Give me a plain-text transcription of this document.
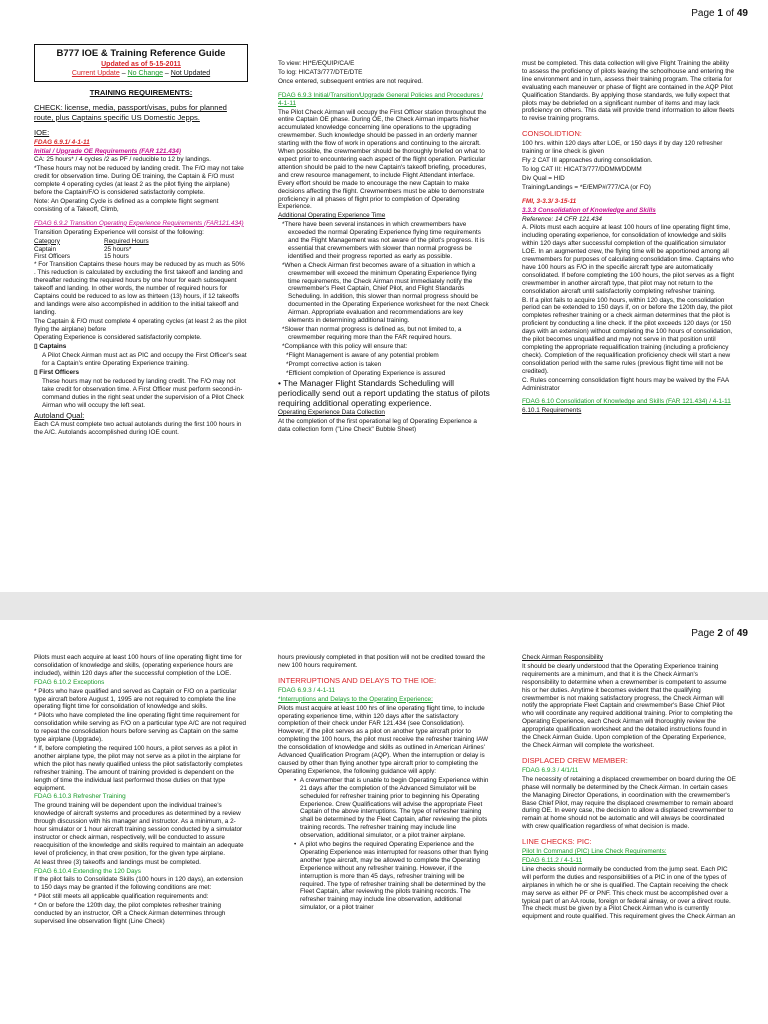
Page 1 of 49
B777 IOE & Training Reference Guide
Updated as of 5-15-2011
Current Update – No Change – Not Updated
TRAINING REQUIREMENTS:

CHECK: license, media, passport/visas, pubs for planned route, plus Captains specific US Domestic Jepps.

IOE:

FDAG 6.9.1/ 4-1-11

Initial / Upgrade OE Requirements (FAR 121.434)

CA: 25 hours* / 4 cycles /2 as PF / reducible to 12 by landings.

*These hours may not be reduced by landing credit. The F/O may not take credit for observation time. During OE training, the Captain & F/O must complete 4 operating cycles (at least 2 as the pilot flying the airplane) before the Captain/F/O is considered satisfactorily complete.

Note: An Operating Cycle is defined as a complete flight segment consisting of a Takeoff, Climb,

FDAG 6.9.2 Transition Operating Experience Requirements (FAR121.434)

Transition Operating Experience will consist of the following:

Category	Required Hours
Captain	25 hours*
First Officers	15 hours

* For Transition Captains these hours may be reduced by as much as 50% . This reduction is calculated by excluding the first takeoff and landing and thereafter reducing the required hours by one hour for each subsequent takeoff and landing. In other words, the number of required hours for Captains could be reduced to as low as thirteen (13) hours, if 12 takeoffs and landings were also accomplished in addition to the initial takeoff and landing.

The Captain & F/O must complete 4 operating cycles (at least 2 as the pilot flying the airplane) before

Operating Experience is considered satisfactorily complete.

▯ Captains

A Pilot Check Airman must act as PIC and occupy the First Officer's seat for a Captain's entire Operating Experience training.

▯ First Officers

These hours may not be reduced by landing credit. The F/O may not take credit for observation time. A First Officer must perform second-in-command duties in the right seat under the supervision of a Pilot Check Airman who will occupy the left seat.

Autoland Qual:

Each CA must complete two actual autolands during the first 100 hours in the A/C. Autolands accomplished during IOE count.

To view: HI*E/EQUIP/CA/E

To log: HICAT3/777/DTE/DTE

Once entered, subsequent entries are not required.

FDAG 6.9.3 Initial/Transition/Upgrade General Policies and Procedures / 4-1-11

The Pilot Check Airman will occupy the First Officer station throughout the entire Captain OE phase. During OE, the Check Airman imparts his/her accumulated knowledge concerning line operations to the upgrading crewmember. Such knowledge should be passed in an orderly manner starting with the flow of work in operations and continuing to the aircraft. When possible, the crewmember should be thoroughly briefed on what to expect prior to encountering each aspect of the flight operation. Particular attention should be paid to the new Captain's takeoff briefing, procedures, and crew resource management, to include Flight Attendant interface. Every effort should be made to encourage the new Captain to make decisions affecting the flight. Crewmembers must be able to demonstrate proficiency in all phases of flight prior to completion of Operating Experience.

Additional Operating Experience Time

*There have been several instances in which crewmembers have exceeded the normal Operating Experience flying time requirements and the Flight Management was not aware of the pilot's progress. It is essential that crewmembers with slower than normal progress be identified and their progress reported as early as possible.

*When a Check Airman first becomes aware of a situation in which a crewmember will exceed the minimum Operating Experience flying time requirements, the Check Airman must immediately notify the crewmember's Fleet Captain, Chief Pilot, and Flight Standards Scheduling. In addition, this slower than normal progress should be documented in the Operating Experience worksheet for the next Check Airman. Appropriate evaluation and recommendations are key elements in determining additional training.

*Slower than normal progress is defined as, but not limited to, a crewmember requiring more than the FAR required hours.

*Compliance with this policy will ensure that:

*Flight Management is aware of any potential problem

*Prompt corrective action is taken

*Efficient completion of Operating Experience is assured

• The Manager Flight Standards Scheduling will periodically send out a report updating the status of pilots requiring additional operating experience.

Operating Experience Data Collection

At the completion of the first operational leg of Operating Experience a data collection form ("Line Check" Bubble Sheet)

must be completed. This data collection will give Flight Training the ability to assess the proficiency of pilots leaving the schoolhouse and entering the line environment and in turn, assess their training program. The criteria for evaluating each maneuver or phase of flight are contained in the AQP Pilot Qualification Standards. By applying those standards, we fully expect that pilots may be debriefed on a significant number of items and may lack proficiency on others. This data will provide trend information to allow fleets to revise training programs.

CONSOLIDTION:

100 hrs. within 120 days after LOE, or 150 days if by day 120 refresher training or line check is given

Fly 2 CAT III approaches during consolidation.

To log CAT III: HICAT3/777/DDMM/DDMM

Div Qual = HID

Training/Landings = *E/EMP#/777/CA (or FO)

FMI, 3-3.3/ 3-15-11

3.3.3 Consolidation of Knowledge and Skills

Reference: 14 CFR 121.434

A. Pilots must each acquire at least 100 hours of line operating flight time, including operating experience, for consolidation of knowledge and skills within 120 days after successful completion of the qualification simulator LOE. In an augmented crew, the flying time will be apportioned among all crewmembers for purposes of calculating consolidation time. Captains who have 100 hours as F/O in the specific aircraft type are automatically consolidated. If before completing the 100 hours, the pilot serves as a flight crewmember in another aircraft type, that pilot may not return to the consolidation aircraft until satisfactorily completing refresher training.

B. If a pilot fails to acquire 100 hours, within 120 days, the consolidation period can be extended to 150 days if, on or before the 120th day, the pilot completes refresher training or a check airman determines that the pilot is proficient by conducting a line check. If the pilot exceeds 120 days (or 150 days with an extension) without completing the 100 hours of consolidation, the pilot becomes unqualified and may not serve in that position until completing the appropriate requalification training (including a proficiency check). Completion of the requalification proficiency check will start a new consolidation period with the same rules (previous flight time will not be credited).

C. Rules concerning consolidation flight hours may be waived by the FAA Administrator

FDAG 6.10 Consolidation of Knowledge and Skills (FAR 121.434) / 4-1-11

6.10.1 Requirements

Page 2 of 49

Pilots must each acquire at least 100 hours of line operating flight time for consolidation of knowledge and skills, (operating experience hours are included), within 120 days after the successful completion of the LOE.

FDAG 6.10.2 Exceptions

* Pilots who have qualified and served as Captain or F/O on a particular type aircraft before August 1, 1995 are not required to complete the line operating flight time for consolidation of knowledge and skills.

* Pilots who have completed the line operating flight time requirement for consolidation while serving as F/O on a particular type A/C are not required to repeat the consolidation hours before serving as Captain on the same type airplane (Upgrade).

* If, before completing the required 100 hours, a pilot serves as a pilot in another airplane type, the pilot may not serve as a pilot in the airplane for which the pilot has newly qualified unless the pilot satisfactorily completes refresher training. The amount of training provided is dependent on the length of time the individual last performed those duties on that type equipment.

FDAG 6.10.3 Refresher Training

The ground training will be dependent upon the individual trainee's knowledge of aircraft systems and procedures as determined by a review through discussion with his manager and instructor. As a minimum, a 2-hour simulator or 1 hour aircraft training session conducted by a simulator instructor or check airman, respectively, will be conducted to assure reacquisition of the knowledge and skills required to maintain an adequate level of proficiency, in that crew position, for the given type airplane.

At least three (3) takeoffs and landings must be completed.

FDAG 6.10.4 Extending the 120 Days

If the pilot fails to Consolidate Skills (100 hours in 120 days), an extension to 150 days may be granted if the following conditions are met:

* Pilot still meets all applicable qualification requirements and:

* On or before the 120th day, the pilot completes refresher training conducted by an instructor, OR a Check Airman determines through supervised line observation flight (Line Check)

hours previously completed in that position will not be credited toward the new 100 hours requirement.

INTERRUPTIONS AND DELAYS TO THE IOE:

FDAG 6.9.3 / 4-1-11

*Interruptions and Delays to the Operating Experience:

Pilots must acquire at least 100 hrs of line operating flight time, to include operating experience time, within 120 days after the satisfactory completion of their check under FAR 121.434 (see Consolidation). However, if the pilot serves as a pilot on another type aircraft prior to completing the 100 hours, the pilot must receive the refresher training IAW the consolidation of knowledge and skills as outlined in American Airlines' Advanced Qualification Program (AQP). When the interruption or delay is caused by other than flying another type aircraft prior to completing the Operating Experience, the following guidance will apply:

•  A crewmember that is unable to begin Operating Experience within 21 days after the completion of the Advanced Simulator will be scheduled for refresher training prior to beginning his Operating Experience. Crew Qualifications will advise the appropriate Fleet Captain of the above interruptions. The type of refresher training shall be determined by the Fleet Captain, after reviewing the pilots training records. The refresher training may include line observation, additional simulator, or a pilot trainer airplane.

•  A pilot who begins the required Operating Experience and the Operating Experience was interrupted for reasons other than flying another type aircraft, may be allowed to complete the Operating Experience without any refresher training. However, if the interruption is more than 45 days, refresher training will be required. The type of refresher training shall be determined by the Fleet Captain, after reviewing the pilots training records. The refresher training may include line observation, additional simulator, or a pilot trainer

Check Airman Responsibility

It should be clearly understood that the Operating Experience training requirements are a minimum, and that it is the Check Airman's responsibility to determine when a crewmember is competent to assume his or her duties. Anytime it becomes evident that the qualifying crewmember is not making satisfactory progress, the Check Airman will notify the appropriate Fleet Captain and crewmember's Base Chief Pilot who will coordinate any required additional training. Prior to completing the Operating Experience, each Check Airman will thoroughly review the appropriate qualification worksheet and the detailed instructions found in the Check Airman Guide. Upon completion of the Operating Experience, the Check Airman will complete the worksheet.

DISPLACED CREW MEMBER:

FDAG 6.9.3 / 4/1/11

The necessity of retaining a displaced crewmember on board during the OE phase will normally be determined by the Check Airman. In certain cases the Managing Director Operations, in coordination with the crewmember's Base Chief Pilot, may require the displaced crewmember to remain aboard during OE. In every case, the decision to allow a displaced crewmember to remain at home should not be automatic and will always be coordinated with crew qualification regardless of what decision is made.

LINE CHECKS: PIC:

Pilot In Command (PIC) Line Check Requirements:

FDAG 6.11.2 / 4-1-11

Line checks should normally be conducted from the jump seat. Each PIC will perform the duties and responsibilities of a PIC in one of the types of airplanes in which he or she is qualified. The Captain receiving the check may serve as either PF or PNF. This check must be accomplished over a typical part of an AA route, foreign or federal airway, or over a direct route. The check must be given by a Pilot Check Airman who is currently equipment and route qualified. This requirement gives the Check Airman an
